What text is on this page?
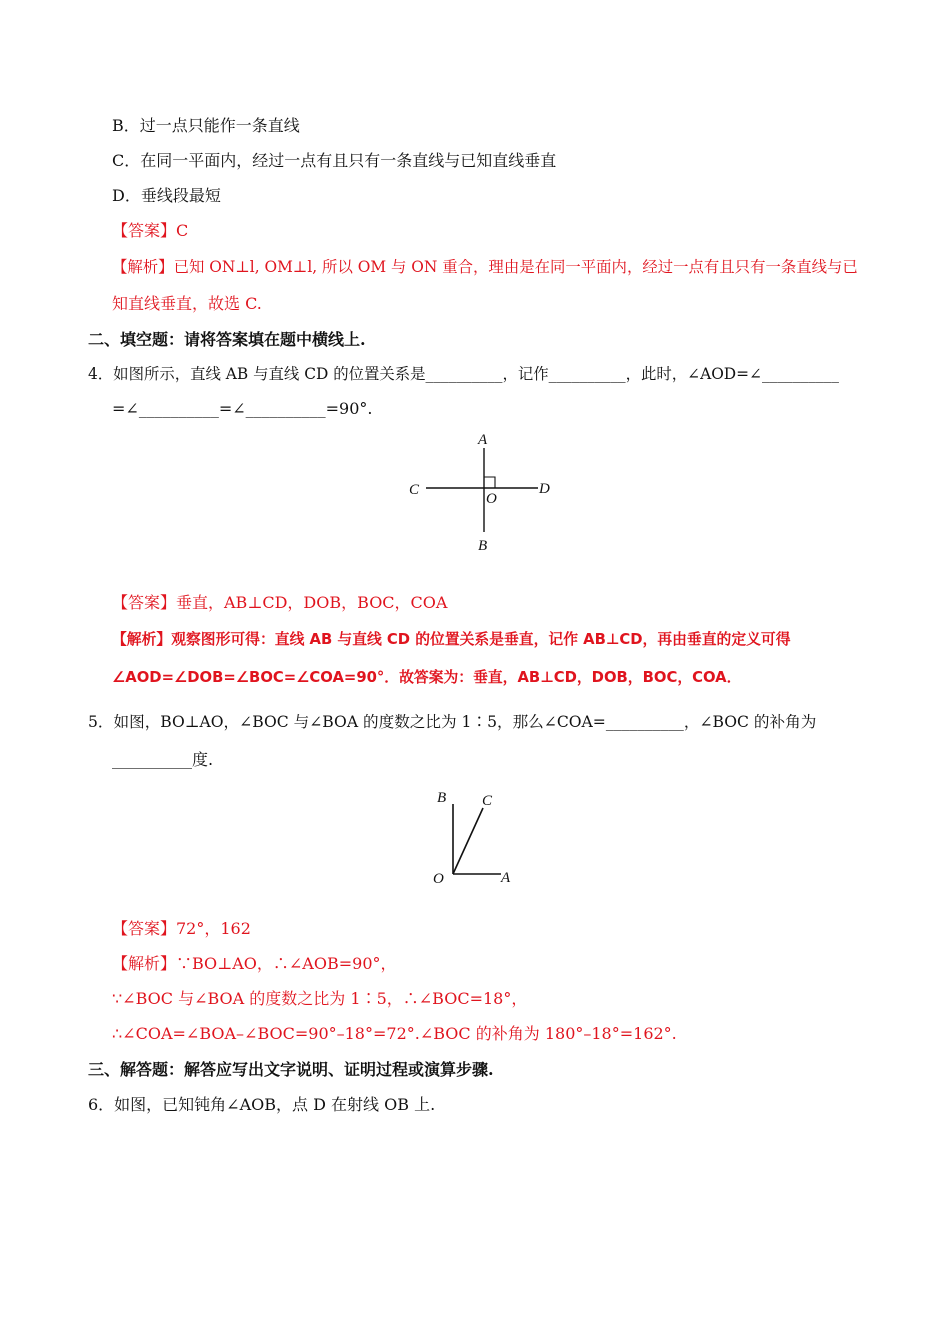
B．过一点只能作一条直线
C．在同一平面内，经过一点有且只有一条直线与已知直线垂直
D．垂线段最短
【答案】C
【解析】已知 ON⊥l, OM⊥l, 所以 OM 与 ON 重合，理由是在同一平面内，经过一点有且只有一条直线与已
知直线垂直，故选 C.
二、填空题：请将答案填在题中横线上.
4．如图所示，直线 AB 与直线 CD 的位置关系是__________，记作__________，此时，∠AOD=∠__________
=∠__________=∠__________=90°.
A
B
C	D
O
【答案】垂直，AB⊥CD，DOB，BOC，COA
【解析】观察图形可得：直线 AB 与直线 CD 的位置关系是垂直，记作 AB⊥CD，再由垂直的定义可得
∠AOD=∠DOB=∠BOC=∠COA=90°．故答案为：垂直，AB⊥CD，DOB，BOC，COA．
5．如图，BO⊥AO，∠BOC 与∠BOA 的度数之比为 1∶5，那么∠COA=__________，∠BOC 的补角为
__________度.
B C
O	A
【答案】72°，162
【解析】∵BO⊥AO，∴∠AOB=90°，
∵∠BOC 与∠BOA 的度数之比为 1∶5，∴∠BOC=18°，
∴∠COA=∠BOA–∠BOC=90°–18°=72°.∠BOC 的补角为 180°–18°=162°.
三、解答题：解答应写出文字说明、证明过程或演算步骤.
6．如图，已知钝角∠AOB，点 D 在射线 OB 上.
